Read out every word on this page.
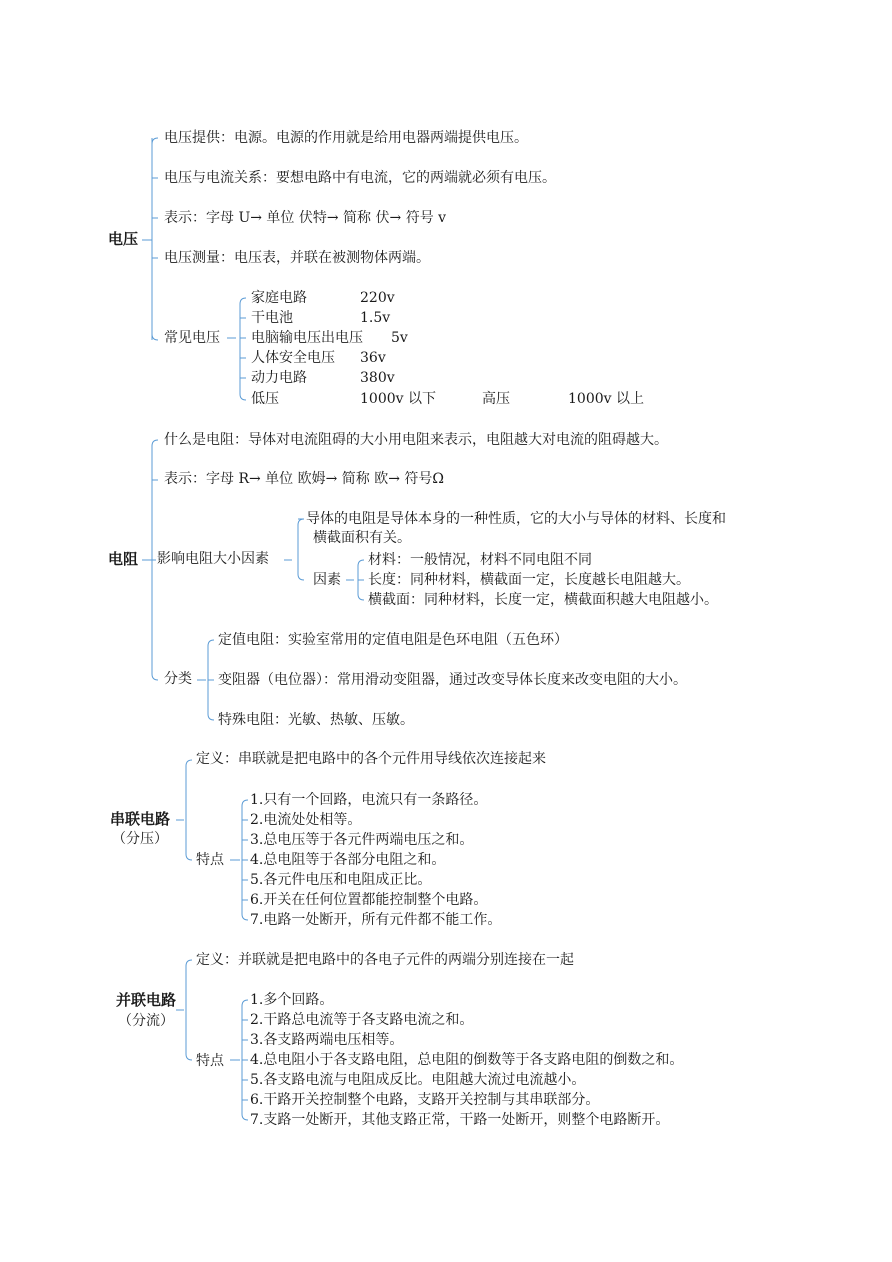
电压
电压提供：电源。电源的作用就是给用电器两端提供电压。
电压与电流关系：要想电路中有电流，它的两端就必须有电压。
表示：字母 U→ 单位 伏特→ 简称 伏→ 符号 v
电压测量：电压表，并联在被测物体两端。
常见电压
家庭电路	220v
干电池	1.5v
电脑输电压出电压 5v
人体安全电压 36v
动力电路	380v
低压	1000v 以下	高压	1000v 以上
电阻
什么是电阻：导体对电流阻碍的大小用电阻来表示，电阻越大对电流的阻碍越大。
表示：字母 R→ 单位 欧姆→ 简称 欧→ 符号Ω
影响电阻大小因素
导体的电阻是导体本身的一种性质，它的大小与导体的材料、长度和
横截面积有关。
因素
材料：一般情况，材料不同电阻不同
长度：同种材料，横截面一定，长度越长电阻越大。
横截面：同种材料，长度一定，横截面积越大电阻越小。
分类
定值电阻：实验室常用的定值电阻是色环电阻（五色环）
变阻器（电位器）：常用滑动变阻器，通过改变导体长度来改变电阻的大小。
特殊电阻：光敏、热敏、压敏。
串联电路
（分压）
定义：串联就是把电路中的各个元件用导线依次连接起来
特点
1.只有一个回路，电流只有一条路径。
2.电流处处相等。
3.总电压等于各元件两端电压之和。
4.总电阻等于各部分电阻之和。
5.各元件电压和电阻成正比。
6.开关在任何位置都能控制整个电路。
7.电路一处断开，所有元件都不能工作。
并联电路
（分流）
定义：并联就是把电路中的各电子元件的两端分别连接在一起
特点
1.多个回路。
2.干路总电流等于各支路电流之和。
3.各支路两端电压相等。
4.总电阻小于各支路电阻，总电阻的倒数等于各支路电阻的倒数之和。
5.各支路电流与电阻成反比。电阻越大流过电流越小。
6.干路开关控制整个电路，支路开关控制与其串联部分。
7.支路一处断开，其他支路正常，干路一处断开，则整个电路断开。
